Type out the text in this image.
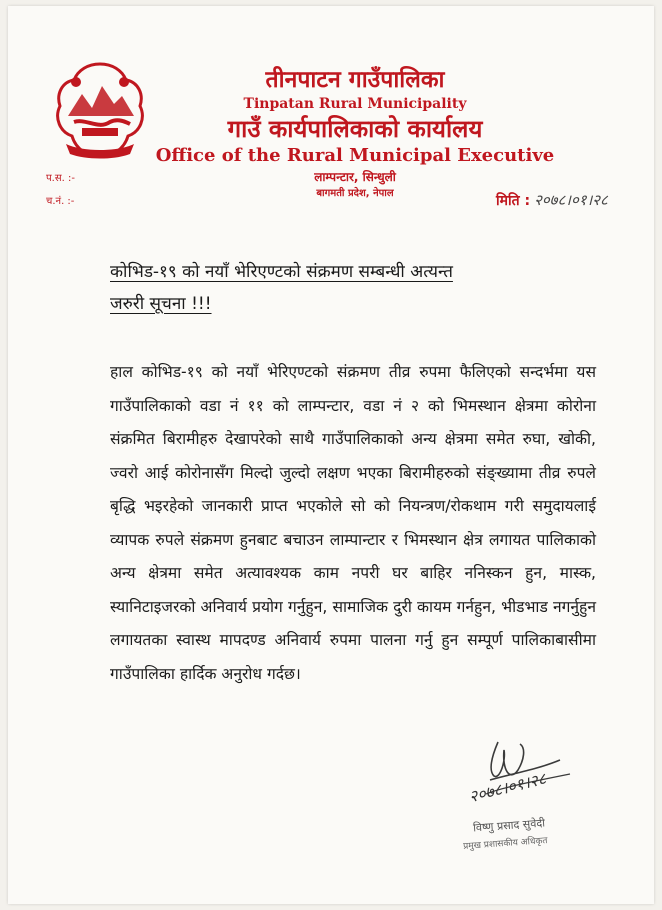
तीनपाटन गाउँपालिका
Tinpatan Rural Municipality
गाउँ कार्यपालिकाको कार्यालय
Office of the Rural Municipal Executive
लाम्पन्टार, सिन्धुली
बागमती प्रदेश, नेपाल
प.स. :-
च.नं. :-	मिति : २०७८।०१।२८
कोभिड-१९ को नयाँ भेरिएण्टको संक्रमण सम्बन्धी अत्यन्त
जरुरी सूचना !!!
हाल कोभिड-१९ को नयाँ भेरिएण्टको संक्रमण तीव्र रुपमा फैलिएको सन्दर्भमा यस गाउँपालिकाको वडा नं ११ को लाम्पन्टार, वडा नं २ को भिमस्थान क्षेत्रमा कोरोना संक्रमित बिरामीहरु देखापरेको साथै गाउँपालिकाको अन्य क्षेत्रमा समेत रुघा, खोकी, ज्वरो आई कोरोनासँग मिल्दो जुल्दो लक्षण भएका बिरामीहरुको संङ्ख्यामा तीव्र रुपले बृद्धि भइरहेको जानकारी प्राप्त भएकोले सो को नियन्त्रण/रोकथाम गरी समुदायलाई व्यापक रुपले संक्रमण हुनबाट बचाउन लाम्पान्टार र भिमस्थान क्षेत्र लगायत पालिकाको अन्य क्षेत्रमा समेत अत्यावश्यक काम नपरी घर बाहिर ननिस्कन हुन, मास्क, स्यानिटाइजरको अनिवार्य प्रयोग गर्नुहुन, सामाजिक दुरी कायम गर्नहुन, भीडभाड नगर्नुहुन लगायतका स्वास्थ मापदण्ड अनिवार्य रुपमा पालना गर्नु हुन सम्पूर्ण पालिकाबासीमा गाउँपालिका हार्दिक अनुरोध गर्दछ।
२०७८।०१।२८
विष्णु प्रसाद सुवेदी
प्रमुख प्रशासकीय अधिकृत
